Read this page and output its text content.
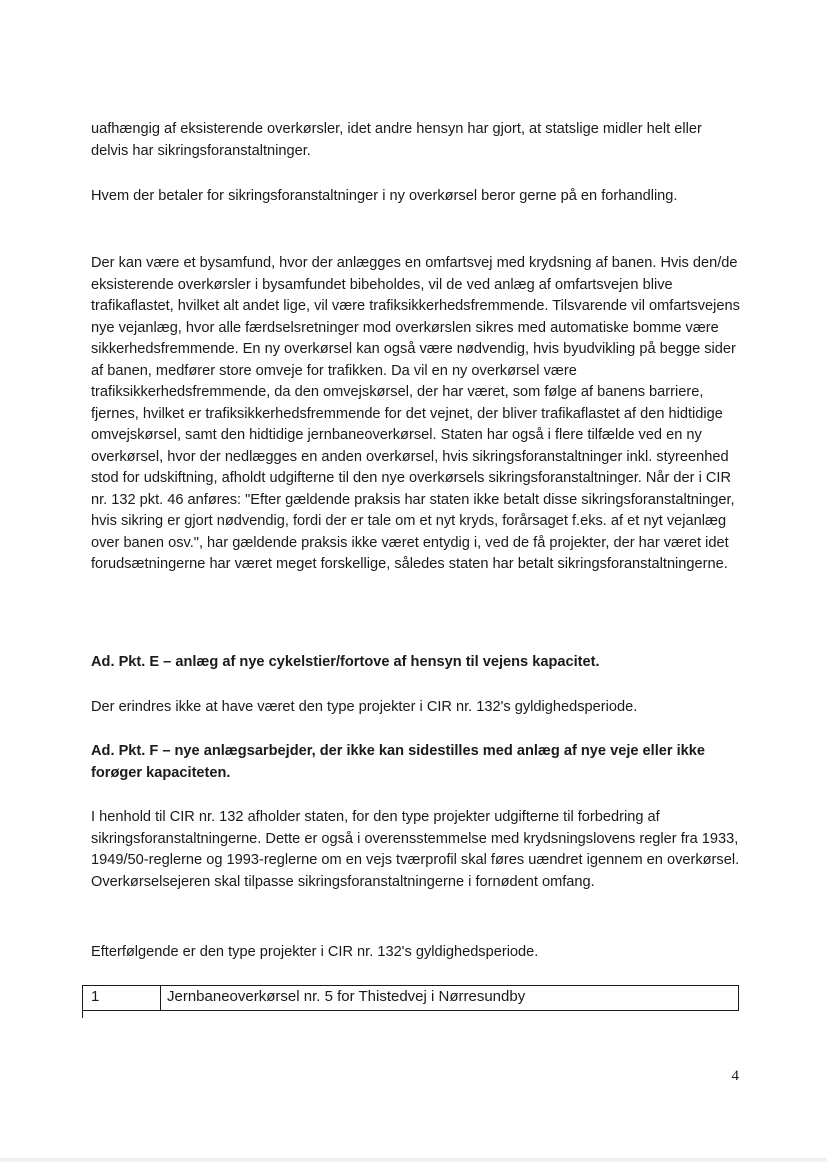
uafhængig af eksisterende overkørsler, idet andre hensyn har gjort, at statslige midler helt eller delvis har sikringsforanstaltninger.

Hvem der betaler for sikringsforanstaltninger i ny overkørsel beror gerne på en forhandling.

Der kan være et bysamfund, hvor der anlægges en omfartsvej med krydsning af banen. Hvis den/de eksisterende overkørsler i bysamfundet bibeholdes, vil de ved anlæg af omfartsvejen blive trafikaflastet, hvilket alt andet lige, vil være trafiksikkerhedsfremmende. Tilsvarende vil omfartsvejens nye vejanlæg, hvor alle færdselsretninger mod overkørslen sikres med automatiske bomme være sikkerhedsfremmende. En ny overkørsel kan også være nødvendig, hvis byudvikling på begge sider af banen, medfører store omveje for trafikken. Da vil en ny overkørsel være trafiksikkerhedsfremmende, da den omvejskørsel, der har været, som følge af banens barriere, fjernes, hvilket er trafiksikkerhedsfremmende for det vejnet, der bliver trafikaflastet af den hidtidige omvejskørsel, samt den hidtidige jernbaneoverkørsel. Staten har også i flere tilfælde ved en ny overkørsel, hvor der nedlægges en anden overkørsel, hvis sikringsforanstaltninger inkl. styreenhed stod for udskiftning, afholdt udgifterne til den nye overkørsels sikringsforanstaltninger. Når der i CIR nr. 132 pkt. 46 anføres: "Efter gældende praksis har staten ikke betalt disse sikringsforanstaltninger, hvis sikring er gjort nødvendig, fordi der er tale om et nyt kryds, forårsaget f.eks. af et nyt vejanlæg over banen osv.", har gældende praksis ikke været entydig i, ved de få projekter, der har været idet forudsætningerne har været meget forskellige, således staten har betalt sikringsforanstaltningerne.

Ad. Pkt. E – anlæg af nye cykelstier/fortove af hensyn til vejens kapacitet.

Der erindres ikke at have været den type projekter i CIR nr. 132's gyldighedsperiode.

Ad. Pkt. F – nye anlægsarbejder, der ikke kan sidestilles med anlæg af nye veje eller ikke forøger kapaciteten.

I henhold til CIR nr. 132 afholder staten, for den type projekter udgifterne til forbedring af sikringsforanstaltningerne. Dette er også i overensstemmelse med krydsningslovens regler fra 1933, 1949/50-reglerne og 1993-reglerne om en vejs tværprofil skal føres uændret igennem en overkørsel. Overkørselsejeren skal tilpasse sikringsforanstaltningerne i fornødent omfang.

Efterfølgende er den type projekter i CIR nr. 132's gyldighedsperiode.

1	Jernbaneoverkørsel nr. 5 for Thistedvej i Nørresundby
4
